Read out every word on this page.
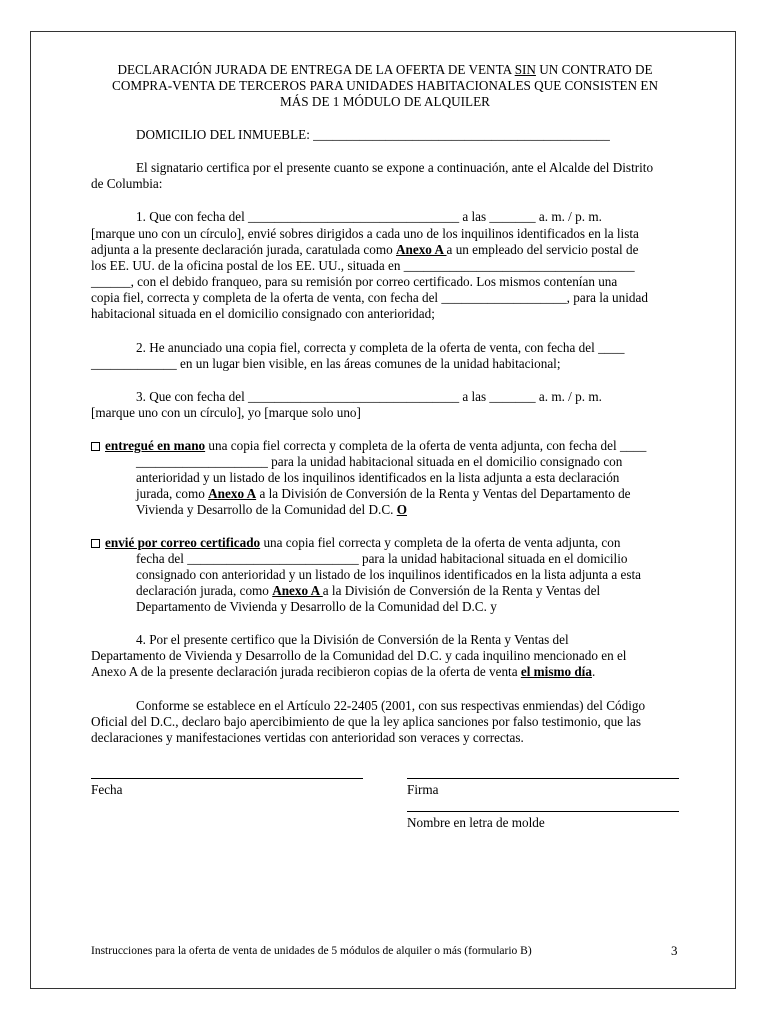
DECLARACIÓN JURADA DE ENTREGA DE LA OFERTA DE VENTA SIN UN CONTRATO DE
COMPRA-VENTA DE TERCEROS PARA UNIDADES HABITACIONALES QUE CONSISTEN EN
MÁS DE 1 MÓDULO DE ALQUILER
DOMICILIO DEL INMUEBLE: _____________________________________________
El signatario certifica por el presente cuanto se expone a continuación, ante el Alcalde del Distrito
de Columbia:
1. Que con fecha del ________________________________ a las _______ a. m. / p. m.
[marque uno con un círculo], envié sobres dirigidos a cada uno de los inquilinos identificados en la lista
adjunta a la presente declaración jurada, caratulada como Anexo A a un empleado del servicio postal de
los EE. UU. de la oficina postal de los EE. UU., situada en ___________________________________
______, con el debido franqueo, para su remisión por correo certificado. Los mismos contenían una
copia fiel, correcta y completa de la oferta de venta, con fecha del ___________________, para la unidad
habitacional situada en el domicilio consignado con anterioridad;
2. He anunciado una copia fiel, correcta y completa de la oferta de venta, con fecha del ____
_____________ en un lugar bien visible, en las áreas comunes de la unidad habitacional;
3. Que con fecha del ________________________________ a las _______ a. m. / p. m.
[marque uno con un círculo], yo [marque solo uno]
entregué en mano una copia fiel correcta y completa de la oferta de venta adjunta, con fecha del ____
____________________ para la unidad habitacional situada en el domicilio consignado con
anterioridad y un listado de los inquilinos identificados en la lista adjunta a esta declaración
jurada, como Anexo A a la División de Conversión de la Renta y Ventas del Departamento de
Vivienda y Desarrollo de la Comunidad del D.C. O
envié por correo certificado una copia fiel correcta y completa de la oferta de venta adjunta, con
fecha del __________________________ para la unidad habitacional situada en el domicilio
consignado con anterioridad y un listado de los inquilinos identificados en la lista adjunta a esta
declaración jurada, como Anexo A a la División de Conversión de la Renta y Ventas del
Departamento de Vivienda y Desarrollo de la Comunidad del D.C. y
4. Por el presente certifico que la División de Conversión de la Renta y Ventas del
Departamento de Vivienda y Desarrollo de la Comunidad del D.C. y cada inquilino mencionado en el
Anexo A de la presente declaración jurada recibieron copias de la oferta de venta el mismo día.
Conforme se establece en el Artículo 22-2405 (2001, con sus respectivas enmiendas) del Código
Oficial del D.C., declaro bajo apercibimiento de que la ley aplica sanciones por falso testimonio, que las
declaraciones y manifestaciones vertidas con anterioridad son veraces y correctas.
Fecha	Firma
Nombre en letra de molde
Instrucciones para la oferta de venta de unidades de 5 módulos de alquiler o más (formulario B)	3
